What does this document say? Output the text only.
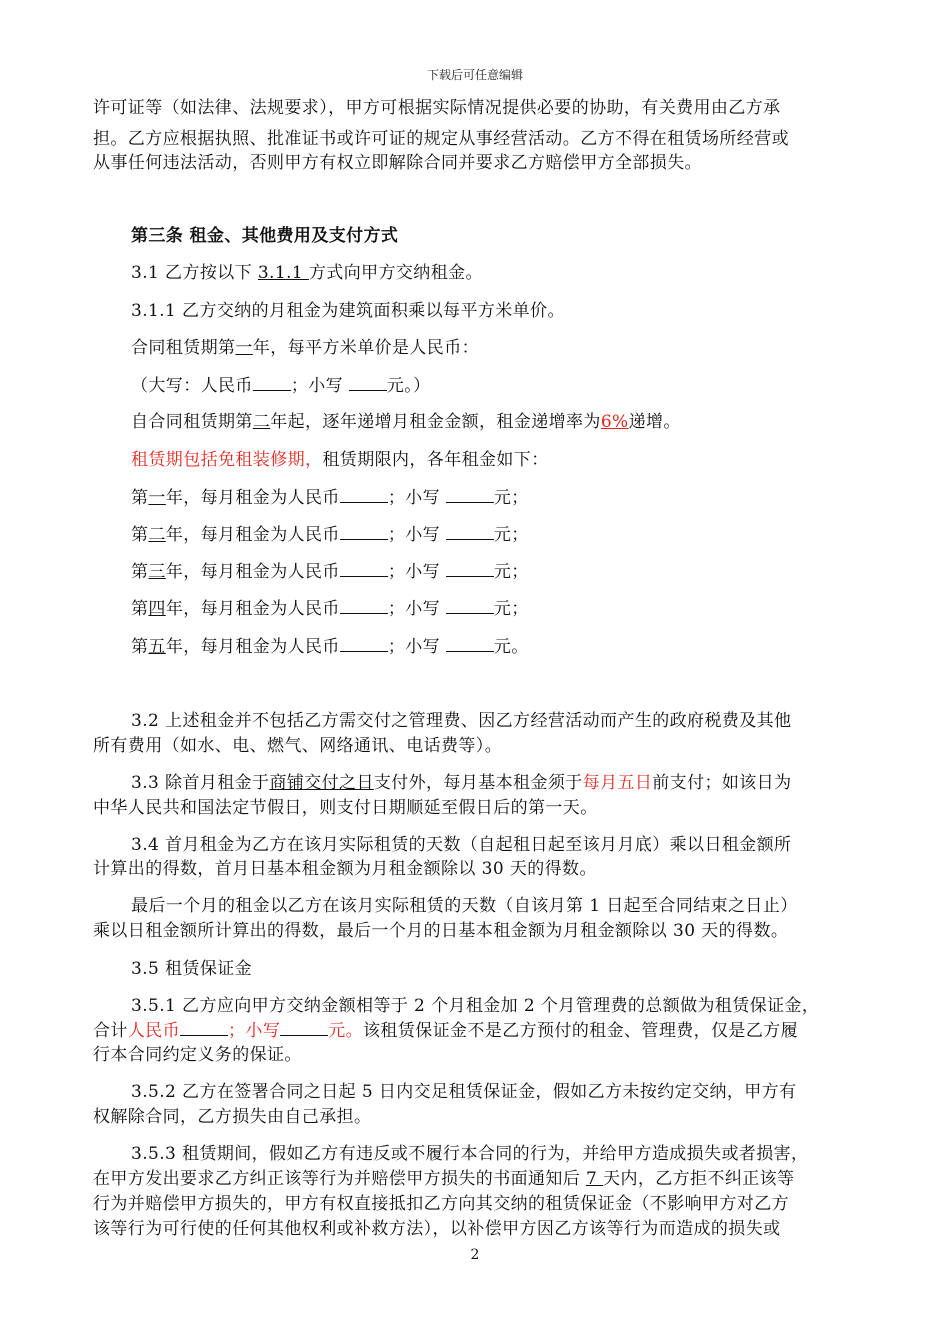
下载后可任意编辑
许可证等（如法律、法规要求），甲方可根据实际情况提供必要的协助，有关费用由乙方承
担。乙方应根据执照、批准证书或许可证的规定从事经营活动。乙方不得在租赁场所经营或
从事任何违法活动，否则甲方有权立即解除合同并要求乙方赔偿甲方全部损失。
第三条 租金、其他费用及支付方式
3.1 乙方按以下 3.1.1 方式向甲方交纳租金。
3.1.1 乙方交纳的月租金为建筑面积乘以每平方米单价。
合同租赁期第一年，每平方米单价是人民币：
（大写：人民币 ；小写 元。）
自合同租赁期第二年起，逐年递增月租金金额，租金递增率为6%递增。
租赁期包括免租装修期，租赁期限内，各年租金如下：
第一年，每月租金为人民币	；小写	元；
第二年，每月租金为人民币	；小写	元；
第三年，每月租金为人民币	；小写	元；
第四年，每月租金为人民币	；小写	元；
第五年，每月租金为人民币	；小写	元。
3.2 上述租金并不包括乙方需交付之管理费、因乙方经营活动而产生的政府税费及其他
所有费用（如水、电、燃气、网络通讯、电话费等）。
3.3 除首月租金于商铺交付之日支付外，每月基本租金须于每月五日前支付；如该日为
中华人民共和国法定节假日，则支付日期顺延至假日后的第一天。
3.4 首月租金为乙方在该月实际租赁的天数（自起租日起至该月月底）乘以日租金额所
计算出的得数，首月日基本租金额为月租金额除以 30 天的得数。
最后一个月的租金以乙方在该月实际租赁的天数（自该月第 1 日起至合同结束之日止）
乘以日租金额所计算出的得数，最后一个月的日基本租金额为月租金额除以 30 天的得数。
3.5 租赁保证金
3.5.1 乙方应向甲方交纳金额相等于 2 个月租金加 2 个月管理费的总额做为租赁保证金，
合计人民币	；小写	元。该租赁保证金不是乙方预付的租金、管理费，仅是乙方履
行本合同约定义务的保证。
3.5.2 乙方在签署合同之日起 5 日内交足租赁保证金，假如乙方未按约定交纳，甲方有
权解除合同，乙方损失由自己承担。
3.5.3 租赁期间，假如乙方有违反或不履行本合同的行为，并给甲方造成损失或者损害，
在甲方发出要求乙方纠正该等行为并赔偿甲方损失的书面通知后 7 天内，乙方拒不纠正该等
行为并赔偿甲方损失的，甲方有权直接抵扣乙方向其交纳的租赁保证金（不影响甲方对乙方
该等行为可行使的任何其他权利或补救方法），以补偿甲方因乙方该等行为而造成的损失或
2
